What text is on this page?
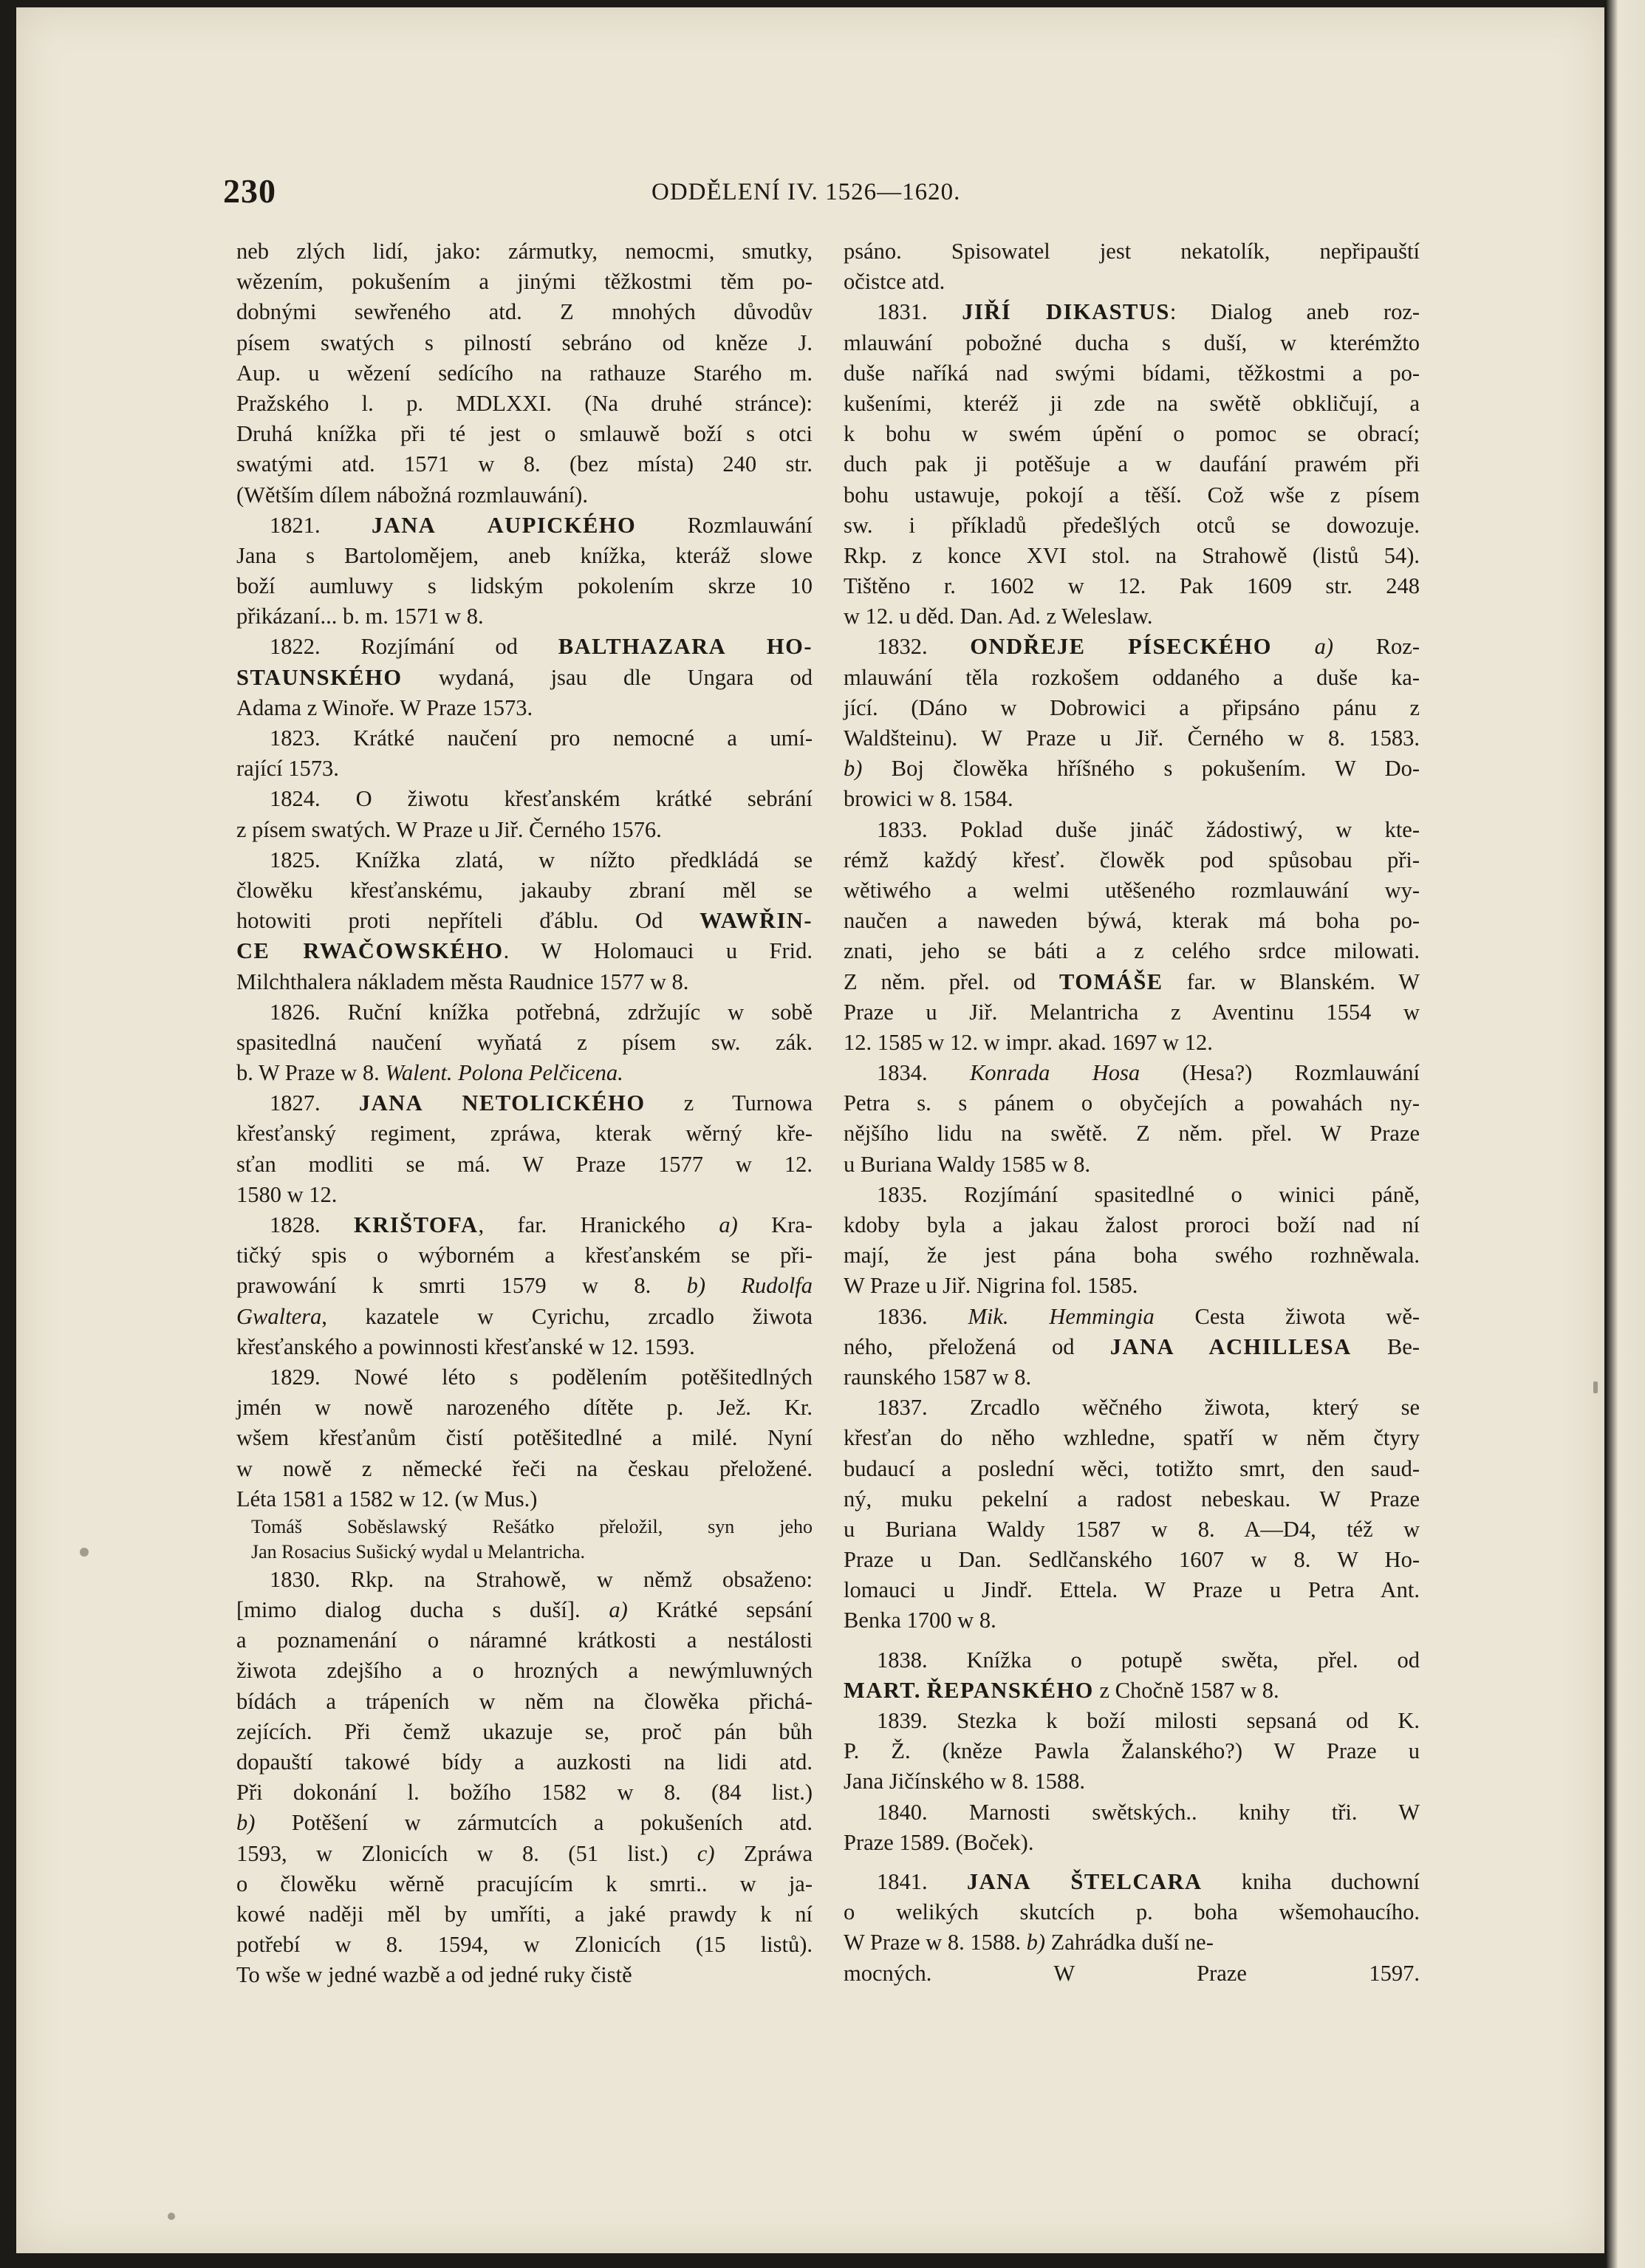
230	ODDĚLENÍ IV. 1526—1620.
neb zlých lidí, jako: zármutky, nemocmi, smutky,
wězením, pokušením a jinými těžkostmi těm po-
dobnými sewřeného atd. Z mnohých důvodův
písem swatých s pilností sebráno od kněze J.
Aup. u wězení sedícího na rathauze Starého m.
Pražského l. p. MDLXXI. (Na druhé stránce):
Druhá knížka při té jest o smlauwě boží s otci
swatými atd. 1571 w 8. (bez místa) 240 str.
(Wětším dílem nábožná rozmlauwání).
1821. JANA AUPICKÉHO Rozmlauwání
Jana s Bartolomějem, aneb knížka, kteráž slowe
boží aumluwy s lidským pokolením skrze 10
přikázaní... b. m. 1571 w 8.
1822. Rozjímání od BALTHAZARA HO-
STAUNSKÉHO wydaná, jsau dle Ungara od
Adama z Winoře. W Praze 1573.
1823. Krátké naučení pro nemocné a umí-
rající 1573.
1824. O žiwotu křesťanském krátké sebrání
z písem swatých. W Praze u Jiř. Černého 1576.
1825. Knížka zlatá, w nížto předkládá se
člowěku křesťanskému, jakauby zbraní měl se
hotowiti proti nepříteli ďáblu. Od WAWŘIN-
CE RWAČOWSKÉHO. W Holomauci u Frid.
Milchthalera nákladem města Raudnice 1577 w 8.
1826. Ruční knížka potřebná, zdržujíc w sobě
spasitedlná naučení wyňatá z písem sw. zák.
b. W Praze w 8. Walent. Polona Pelčicena.
1827. JANA NETOLICKÉHO z Turnowa
křesťanský regiment, zpráwa, kterak wěrný kře-
sťan modliti se má. W Praze 1577 w 12.
1580 w 12.
1828. KRIŠTOFA, far. Hranického a) Kra-
tičký spis o wýborném a křesťanském se při-
prawowání k smrti 1579 w 8. b) Rudolfa
Gwaltera, kazatele w Cyrichu, zrcadlo žiwota
křesťanského a powinnosti křesťanské w 12. 1593.
1829. Nowé léto s podělením potěšitedlných
jmén w nowě narozeného dítěte p. Jež. Kr.
wšem křesťanům čistí potěšitedlné a milé. Nyní
w nowě z německé řeči na českau přeložené.
Léta 1581 a 1582 w 12. (w Mus.)
Tomáš Soběslawský Rešátko přeložil, syn jeho
Jan Rosacius Sušický wydal u Melantricha.
1830. Rkp. na Strahowě, w němž obsaženo:
[mimo dialog ducha s duší]. a) Krátké sepsání
a poznamenání o náramné krátkosti a nestálosti
žiwota zdejšího a o hrozných a newýmluwných
bídách a trápeních w něm na člowěka přichá-
zejících. Při čemž ukazuje se, proč pán bůh
dopauští takowé bídy a auzkosti na lidi atd.
Při dokonání l. božího 1582 w 8. (84 list.)
b) Potěšení w zármutcích a pokušeních atd.
1593, w Zlonicích w 8. (51 list.) c) Zpráwa
o člowěku wěrně pracujícím k smrti.. w ja-
kowé naději měl by umříti, a jaké prawdy k ní
potřebí w 8. 1594, w Zlonicích (15 listů).
To wše w jedné wazbě a od jedné ruky čistě
psáno. Spisowatel jest nekatolík, nepřipauští
očistce atd.
1831. JIŘÍ DIKASTUS: Dialog aneb roz-
mlauwání pobožné ducha s duší, w kterémžto
duše naříká nad swými bídami, těžkostmi a po-
kušeními, kteréž ji zde na swětě obkličují, a
k bohu w swém úpění o pomoc se obrací;
duch pak ji potěšuje a w daufání prawém při
bohu ustawuje, pokojí a těší. Což wše z písem
sw. i příkladů předešlých otců se dowozuje.
Rkp. z konce XVI stol. na Strahowě (listů 54).
Tištěno r. 1602 w 12. Pak 1609 str. 248
w 12. u děd. Dan. Ad. z Weleslaw.
1832. ONDŘEJE PÍSECKÉHO a) Roz-
mlauwání těla rozkošem oddaného a duše ka-
jící. (Dáno w Dobrowici a připsáno pánu z
Waldšteinu). W Praze u Jiř. Černého w 8. 1583.
b) Boj člowěka hříšného s pokušením. W Do-
browici w 8. 1584.
1833. Poklad duše jináč žádostiwý, w kte-
rémž každý křesť. člowěk pod spůsobau při-
wětiwého a welmi utěšeného rozmlauwání wy-
naučen a naweden býwá, kterak má boha po-
znati, jeho se báti a z celého srdce milowati.
Z něm. přel. od TOMÁŠE far. w Blanském. W
Praze u Jiř. Melantricha z Aventinu 1554 w
12. 1585 w 12. w impr. akad. 1697 w 12.
1834. Konrada Hosa (Hesa?) Rozmlauwání
Petra s. s pánem o obyčejích a powahách ny-
nějšího lidu na swětě. Z něm. přel. W Praze
u Buriana Waldy 1585 w 8.
1835. Rozjímání spasitedlné o winici páně,
kdoby byla a jakau žalost proroci boží nad ní
mají, že jest pána boha swého rozhněwala.
W Praze u Jiř. Nigrina fol. 1585.
1836. Mik. Hemmingia Cesta žiwota wě-
ného, přeložená od JANA ACHILLESA Be-
raunského 1587 w 8.
1837. Zrcadlo wěčného žiwota, který se
křesťan do něho wzhledne, spatří w něm čtyry
budaucí a poslední wěci, totižto smrt, den saud-
ný, muku pekelní a radost nebeskau. W Praze
u Buriana Waldy 1587 w 8. A—D4, též w
Praze u Dan. Sedlčanského 1607 w 8. W Ho-
lomauci u Jindř. Ettela. W Praze u Petra Ant.
Benka 1700 w 8.
1838. Knížka o potupě swěta, přel. od
MART. ŘEPANSKÉHO z Chočně 1587 w 8.
1839. Stezka k boží milosti sepsaná od K.
P. Ž. (kněze Pawla Žalanského?) W Praze u
Jana Jičínského w 8. 1588.
1840. Marnosti swětských.. knihy tři. W
Praze 1589. (Boček).
1841. JANA ŠTELCARA kniha duchowní
o welikých skutcích p. boha wšemohaucího.
W Praze w 8. 1588. b) Zahrádka duší ne-
mocných. W Praze 1597.
